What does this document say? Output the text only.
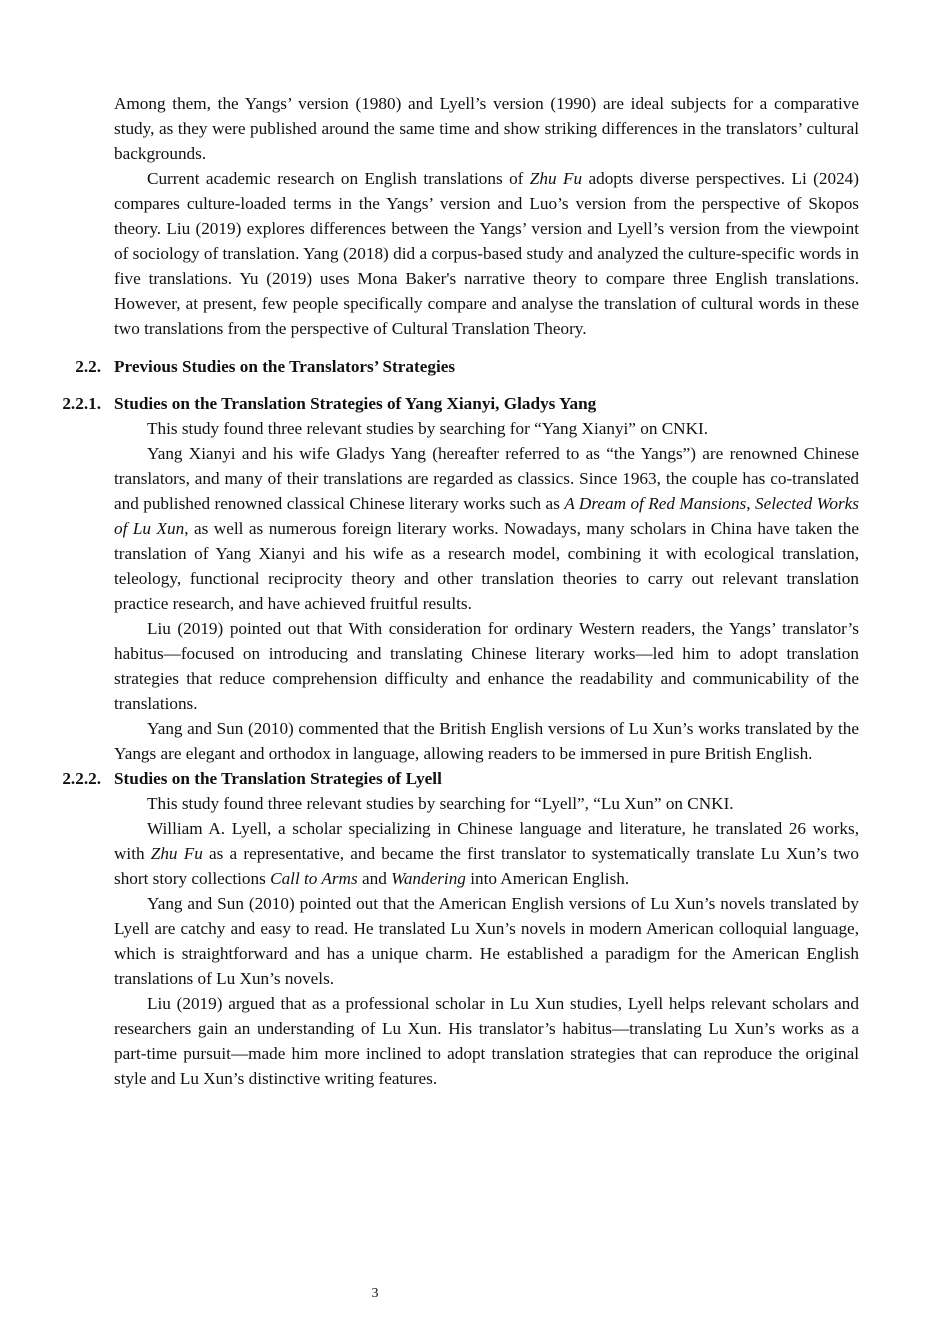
Among them, the Yangs’ version (1980) and Lyell’s version (1990) are ideal subjects for a comparative study, as they were published around the same time and show striking differences in the translators’ cultural backgrounds.

Current academic research on English translations of Zhu Fu adopts diverse perspectives. Li (2024) compares culture-loaded terms in the Yangs’ version and Luo’s version from the perspective of Skopos theory. Liu (2019) explores differences between the Yangs’ version and Lyell’s version from the viewpoint of sociology of translation. Yang (2018) did a corpus-based study and analyzed the culture-specific words in five translations. Yu (2019) uses Mona Baker's narrative theory to compare three English translations. However, at present, few people specifically compare and analyse the translation of cultural words in these two translations from the perspective of Cultural Translation Theory.

2.2. Previous Studies on the Translators’ Strategies
2.2.1. Studies on the Translation Strategies of Yang Xianyi, Gladys Yang

This study found three relevant studies by searching for “Yang Xianyi” on CNKI.

Yang Xianyi and his wife Gladys Yang (hereafter referred to as “the Yangs”) are renowned Chinese translators, and many of their translations are regarded as classics. Since 1963, the couple has co-translated and published renowned classical Chinese literary works such as A Dream of Red Mansions, Selected Works of Lu Xun, as well as numerous foreign literary works. Nowadays, many scholars in China have taken the translation of Yang Xianyi and his wife as a research model, combining it with ecological translation, teleology, functional reciprocity theory and other translation theories to carry out relevant translation practice research, and have achieved fruitful results.

Liu (2019) pointed out that With consideration for ordinary Western readers, the Yangs’ translator’s habitus—focused on introducing and translating Chinese literary works—led him to adopt translation strategies that reduce comprehension difficulty and enhance the readability and communicability of the translations.

Yang and Sun (2010) commented that the British English versions of Lu Xun’s works translated by the Yangs are elegant and orthodox in language, allowing readers to be immersed in pure British English.

2.2.2. Studies on the Translation Strategies of Lyell

This study found three relevant studies by searching for “Lyell”, “Lu Xun” on CNKI.

William A. Lyell, a scholar specializing in Chinese language and literature, he translated 26 works, with Zhu Fu as a representative, and became the first translator to systematically translate Lu Xun’s two short story collections Call to Arms and Wandering into American English.

Yang and Sun (2010) pointed out that the American English versions of Lu Xun’s novels translated by Lyell are catchy and easy to read. He translated Lu Xun’s novels in modern American colloquial language, which is straightforward and has a unique charm. He established a paradigm for the American English translations of Lu Xun’s novels.

Liu (2019) argued that as a professional scholar in Lu Xun studies, Lyell helps relevant scholars and researchers gain an understanding of Lu Xun. His translator’s habitus—translating Lu Xun’s works as a part-time pursuit—made him more inclined to adopt translation strategies that can reproduce the original style and Lu Xun’s distinctive writing features.

3
